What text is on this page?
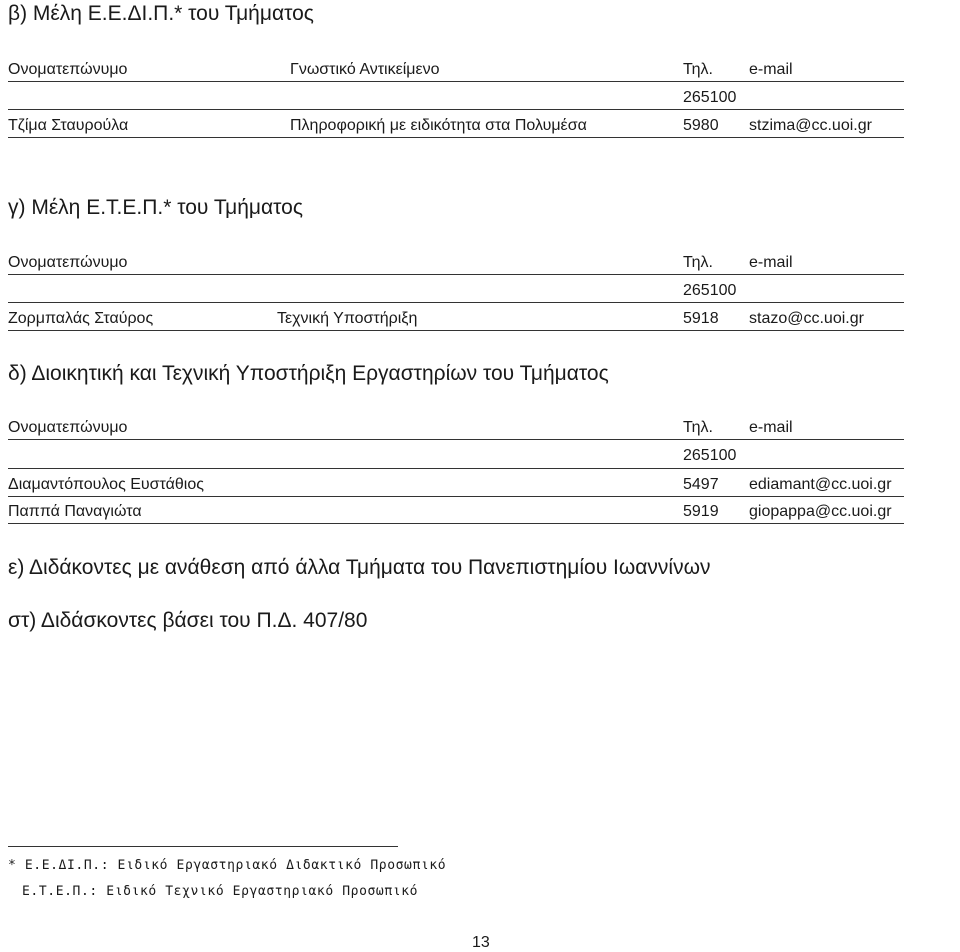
β) Μέλη Ε.Ε.ΔΙ.Π.* του Τμήματος
Ονοματεπώνυμο	Γνωστικό Αντικείμενο	Τηλ. e-mail
265100
Τζίμα Σταυρούλα	Πληροφορική με ειδικότητα στα Πολυμέσα	5980 stzima@cc.uoi.gr
γ) Μέλη Ε.Τ.Ε.Π.* του Τμήματος
Ονοματεπώνυμο	Τηλ. e-mail
265100
Ζορμπαλάς Σταύρος	Τεχνική Υποστήριξη	5918 stazo@cc.uoi.gr
δ) Διοικητική και Τεχνική Υποστήριξη Εργαστηρίων του Τμήματος
Ονοματεπώνυμο	Τηλ. e-mail
265100
Διαμαντόπουλος Ευστάθιος	5497 ediamant@cc.uoi.gr
Παππά Παναγιώτα	5919 giopappa@cc.uoi.gr
ε) Διδάκοντες με ανάθεση από άλλα Τμήματα του Πανεπιστημίου Ιωαννίνων
στ) Διδάσκοντες βάσει του Π.Δ. 407/80
* Ε.Ε.ΔΙ.Π.: Ειδικό Εργαστηριακό Διδακτικό Προσωπικό
Ε.Τ.Ε.Π.: Ειδικό Τεχνικό Εργαστηριακό Προσωπικό
13
